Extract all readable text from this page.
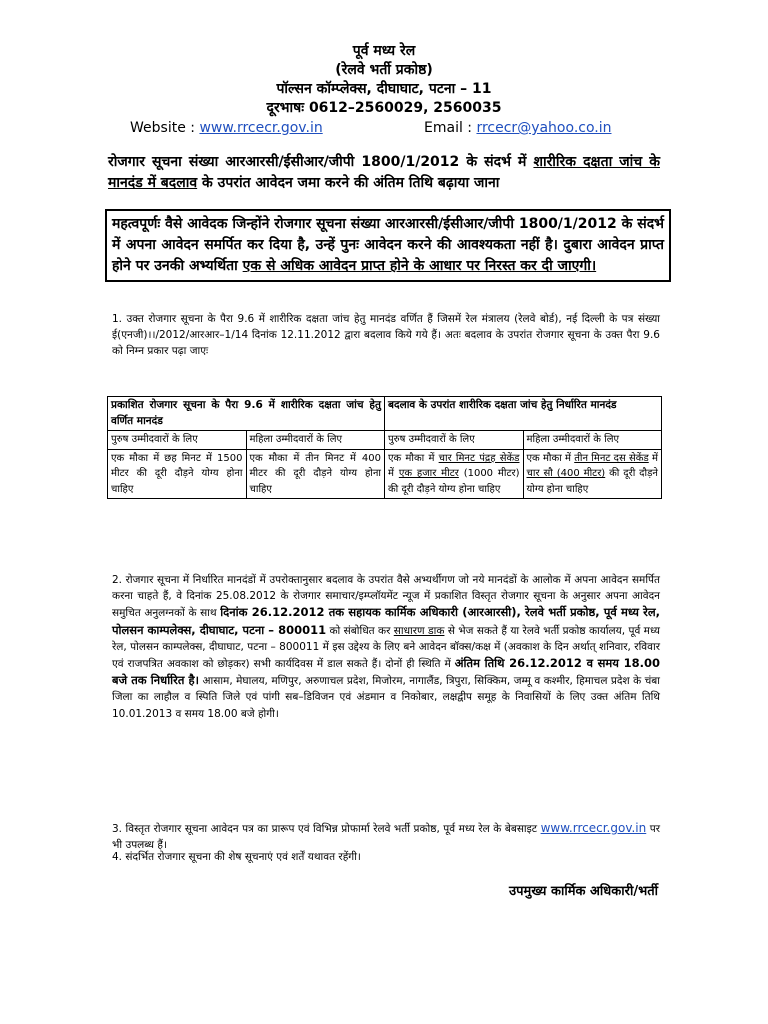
पूर्व मध्य रेल
(रेलवे भर्ती प्रकोष्ठ)
पॉल्सन कॉम्प्लेक्स, दीघाघाट, पटना – 11
दूरभाषः 0612–2560029, 2560035
Website : www.rrcecr.gov.in	Email : rrcecr@yahoo.co.in
रोजगार सूचना संख्या आरआरसी/ईसीआर/जीपी 1800/1/2012 के संदर्भ में शारीरिक दक्षता जांच के मानदंड में बदलाव के उपरांत आवेदन जमा करने की अंतिम तिथि बढ़ाया जाना
महत्वपूर्णः वैसे आवेदक जिन्होंने रोजगार सूचना संख्या आरआरसी/ईसीआर/जीपी 1800/1/2012 के संदर्भ में अपना आवेदन समर्पित कर दिया है, उन्हें पुनः आवेदन करने की आवश्यकता नहीं है। दुबारा आवेदन प्राप्त होने पर उनकी अभ्यर्थिता एक से अधिक आवेदन प्राप्त होने के आधार पर निरस्त कर दी जाएगी।
1. उक्त रोजगार सूचना के पैरा 9.6 में शारीरिक दक्षता जांच हेतु मानदंड वर्णित हैं जिसमें रेल मंत्रालय (रेलवे बोर्ड), नई दिल्ली के पत्र संख्या ई(एनजी)।।/2012/आरआर–1/14 दिनांक 12.11.2012 द्वारा बदलाव किये गये हैं। अतः बदलाव के उपरांत रोजगार सूचना के उक्त पैरा 9.6 को निम्न प्रकार पढ़ा जाएः
प्रकाशित रोजगार सूचना के पैरा 9.6 में शारीरिक दक्षता जांच हेतु वर्णित मानदंड		बदलाव के उपरांत शारीरिक दक्षता जांच हेतु निर्धारित मानदंड	
पुरुष उम्मीदवारों के लिए	महिला उम्मीदवारों के लिए	पुरुष उम्मीदवारों के लिए	महिला उम्मीदवारों के लिए
एक मौका में छह मिनट में 1500 मीटर की दूरी दौड़ने योग्य होना चाहिए	एक मौका में तीन मिनट में 400 मीटर की दूरी दौड़ने योग्य होना चाहिए	एक मौका में चार मिनट पंद्रह सेकेंड में एक हजार मीटर (1000 मीटर) की दूरी दौड़ने योग्य होना चाहिए	एक मौका में तीन मिनट दस सेकेंड में चार सौ (400 मीटर) की दूरी दौड़ने योग्य होना चाहिए
2. रोजगार सूचना में निर्धारित मानदंडों में उपरोक्तानुसार बदलाव के उपरांत वैसे अभ्यर्थीगण जो नये मानदंडों के आलोक में अपना आवेदन समर्पित करना चाहते हैं, वे दिनांक 25.08.2012 के रोजगार समाचार/इम्प्लॉयमेंट न्यूज में प्रकाशित विस्तृत रोजगार सूचना के अनुसार अपना आवेदन समुचित अनुलग्नकों के साथ दिनांक 26.12.2012 तक सहायक कार्मिक अधिकारी (आरआरसी), रेलवे भर्ती प्रकोष्ठ, पूर्व मध्य रेल, पोलसन काम्पलेक्स, दीघाघाट, पटना – 800011 को संबोधित कर साधारण डाक से भेज सकते हैं या रेलवे भर्ती प्रकोष्ठ कार्यालय, पूर्व मध्य रेल, पोलसन काम्पलेक्स, दीघाघाट, पटना – 800011 में इस उद्देश्य के लिए बने आवेदन बॉक्स/कक्ष में (अवकाश के दिन अर्थात् शनिवार, रविवार एवं राजपत्रित अवकाश को छोड़कर) सभी कार्यदिवस में डाल सकते हैं। दोनों ही स्थिति में अंतिम तिथि 26.12.2012 व समय 18.00 बजे तक निर्धारित है। आसाम, मेघालय, मणिपुर, अरुणाचल प्रदेश, मिजोरम, नागालैंड, त्रिपुरा, सिक्किम, जम्मू व कश्मीर, हिमाचल प्रदेश के चंबा जिला का लाहौल व स्पिति जिले एवं पांगी सब–डिविजन एवं अंडमान व निकोबार, लक्षद्वीप समूह के निवासियों के लिए उक्त अंतिम तिथि 10.01.2013 व समय 18.00 बजे होगी।
3. विस्तृत रोजगार सूचना आवेदन पत्र का प्रारूप एवं विभिन्न प्रोफार्मा रेलवे भर्ती प्रकोष्ठ, पूर्व मध्य रेल के बेबसाइट www.rrcecr.gov.in पर भी उपलब्ध हैं।
4. संदर्भित रोजगार सूचना की शेष सूचनाएं एवं शर्तें यथावत रहेंगी।
उपमुख्य कार्मिक अधिकारी/भर्ती
